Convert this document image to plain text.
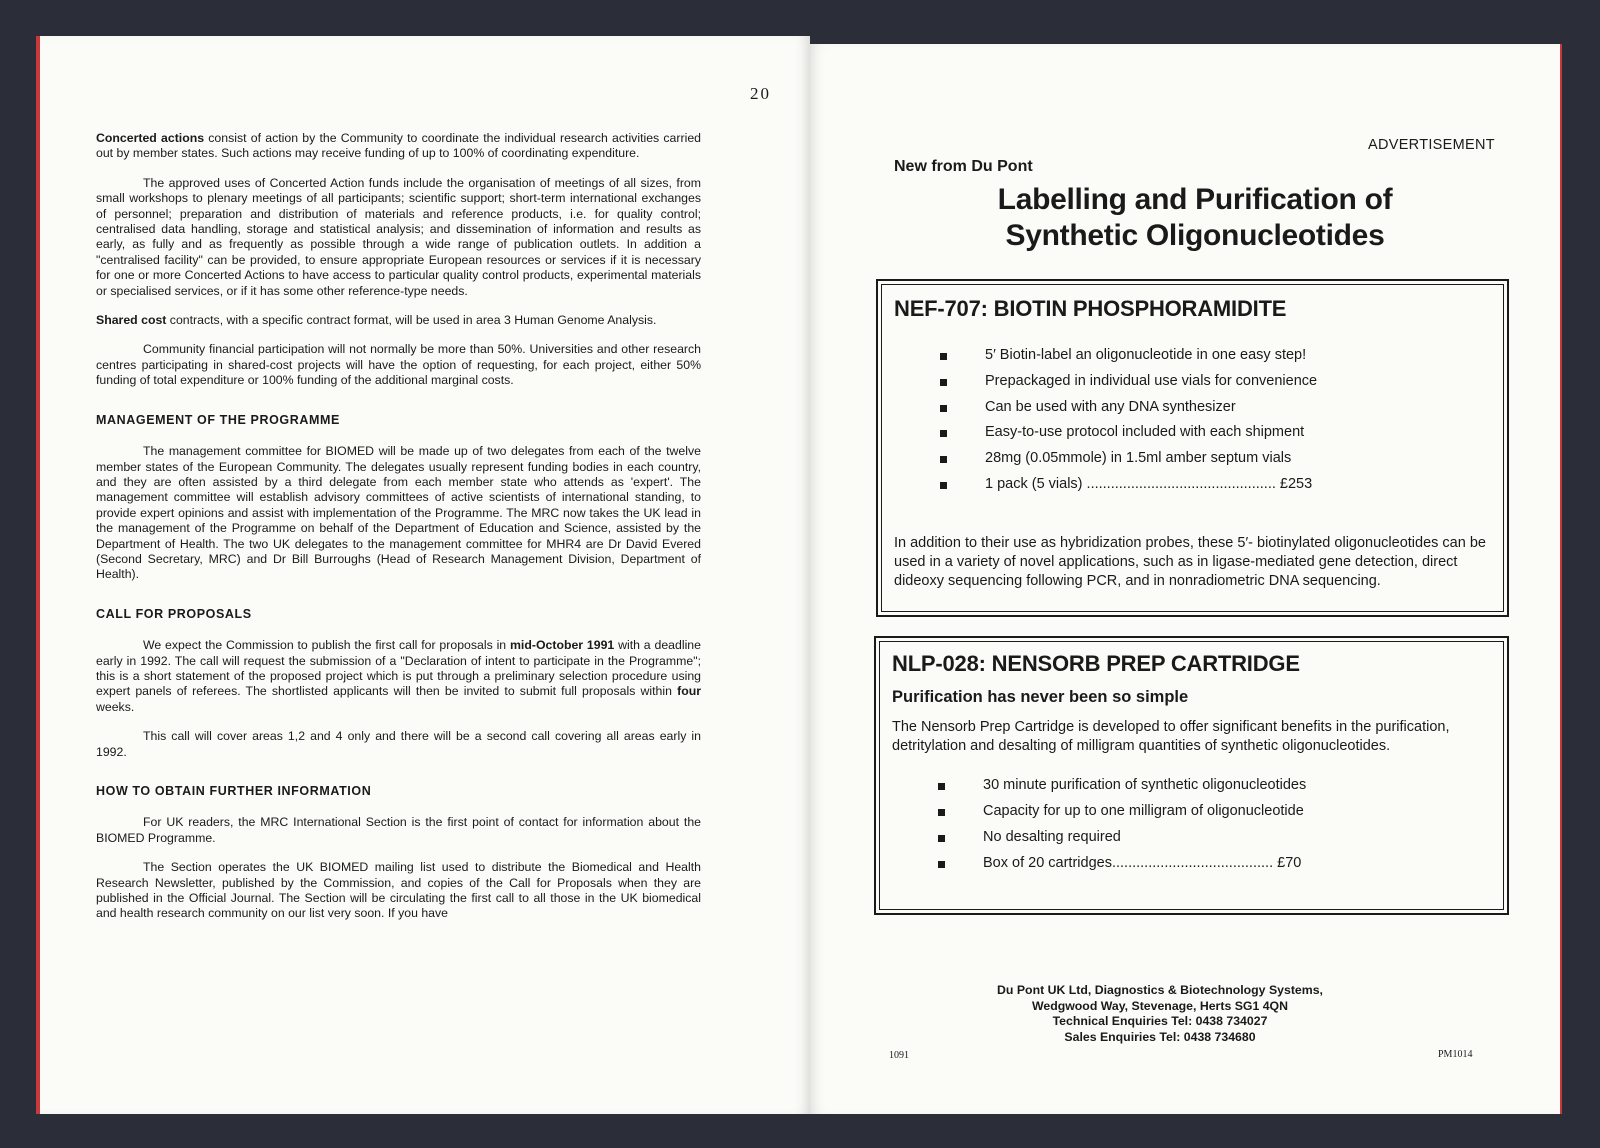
20

Concerted actions consist of action by the Community to coordinate the individual research activities carried out by member states. Such actions may receive funding of up to 100% of coordinating expenditure.

The approved uses of Concerted Action funds include the organisation of meetings of all sizes, from small workshops to plenary meetings of all participants; scientific support; short-term international exchanges of personnel; preparation and distribution of materials and reference products, i.e. for quality control; centralised data handling, storage and statistical analysis; and dissemination of information and results as early, as fully and as frequently as possible through a wide range of publication outlets. In addition a "centralised facility" can be provided, to ensure appropriate European resources or services if it is necessary for one or more Concerted Actions to have access to particular quality control products, experimental materials or specialised services, or if it has some other reference-type needs.

Shared cost contracts, with a specific contract format, will be used in area 3 Human Genome Analysis.

Community financial participation will not normally be more than 50%. Universities and other research centres participating in shared-cost projects will have the option of requesting, for each project, either 50% funding of total expenditure or 100% funding of the additional marginal costs.

MANAGEMENT OF THE PROGRAMME

The management committee for BIOMED will be made up of two delegates from each of the twelve member states of the European Community. The delegates usually represent funding bodies in each country, and they are often assisted by a third delegate from each member state who attends as 'expert'. The management committee will establish advisory committees of active scientists of international standing, to provide expert opinions and assist with implementation of the Programme. The MRC now takes the UK lead in the management of the Programme on behalf of the Department of Education and Science, assisted by the Department of Health. The two UK delegates to the management committee for MHR4 are Dr David Evered (Second Secretary, MRC) and Dr Bill Burroughs (Head of Research Management Division, Department of Health).

CALL FOR PROPOSALS

We expect the Commission to publish the first call for proposals in mid-October 1991 with a deadline early in 1992. The call will request the submission of a "Declaration of intent to participate in the Programme"; this is a short statement of the proposed project which is put through a preliminary selection procedure using expert panels of referees. The shortlisted applicants will then be invited to submit full proposals within four weeks.

This call will cover areas 1,2 and 4 only and there will be a second call covering all areas early in 1992.

HOW TO OBTAIN FURTHER INFORMATION

For UK readers, the MRC International Section is the first point of contact for information about the BIOMED Programme.

The Section operates the UK BIOMED mailing list used to distribute the Biomedical and Health Research Newsletter, published by the Commission, and copies of the Call for Proposals when they are published in the Official Journal. The Section will be circulating the first call to all those in the UK biomedical and health research community on our list very soon. If you have

ADVERTISEMENT
New from Du Pont
Labelling and Purification of
Synthetic Oligonucleotides
NEF-707: BIOTIN PHOSPHORAMIDITE
5′ Biotin-label an oligonucleotide in one easy step!
Prepackaged in individual use vials for convenience
Can be used with any DNA synthesizer
Easy-to-use protocol included with each shipment
28mg (0.05mmole) in 1.5ml amber septum vials
1 pack (5 vials) ............................................... £253
In addition to their use as hybridization probes, these 5′- biotinylated oligonucleotides can be used in a variety of novel applications, such as in ligase-mediated gene detection, direct dideoxy sequencing following PCR, and in nonradiometric DNA sequencing.
NLP-028: NENSORB PREP CARTRIDGE
Purification has never been so simple
The Nensorb Prep Cartridge is developed to offer significant benefits in the purification, detritylation and desalting of milligram quantities of synthetic oligonucleotides.
30 minute purification of synthetic oligonucleotides
Capacity for up to one milligram of oligonucleotide
No desalting required
Box of 20 cartridges........................................ £70
Du Pont UK Ltd, Diagnostics & Biotechnology Systems,
Wedgwood Way, Stevenage, Herts SG1 4QN
Technical Enquiries Tel: 0438 734027
Sales Enquiries Tel: 0438 734680
1091	PM1014
